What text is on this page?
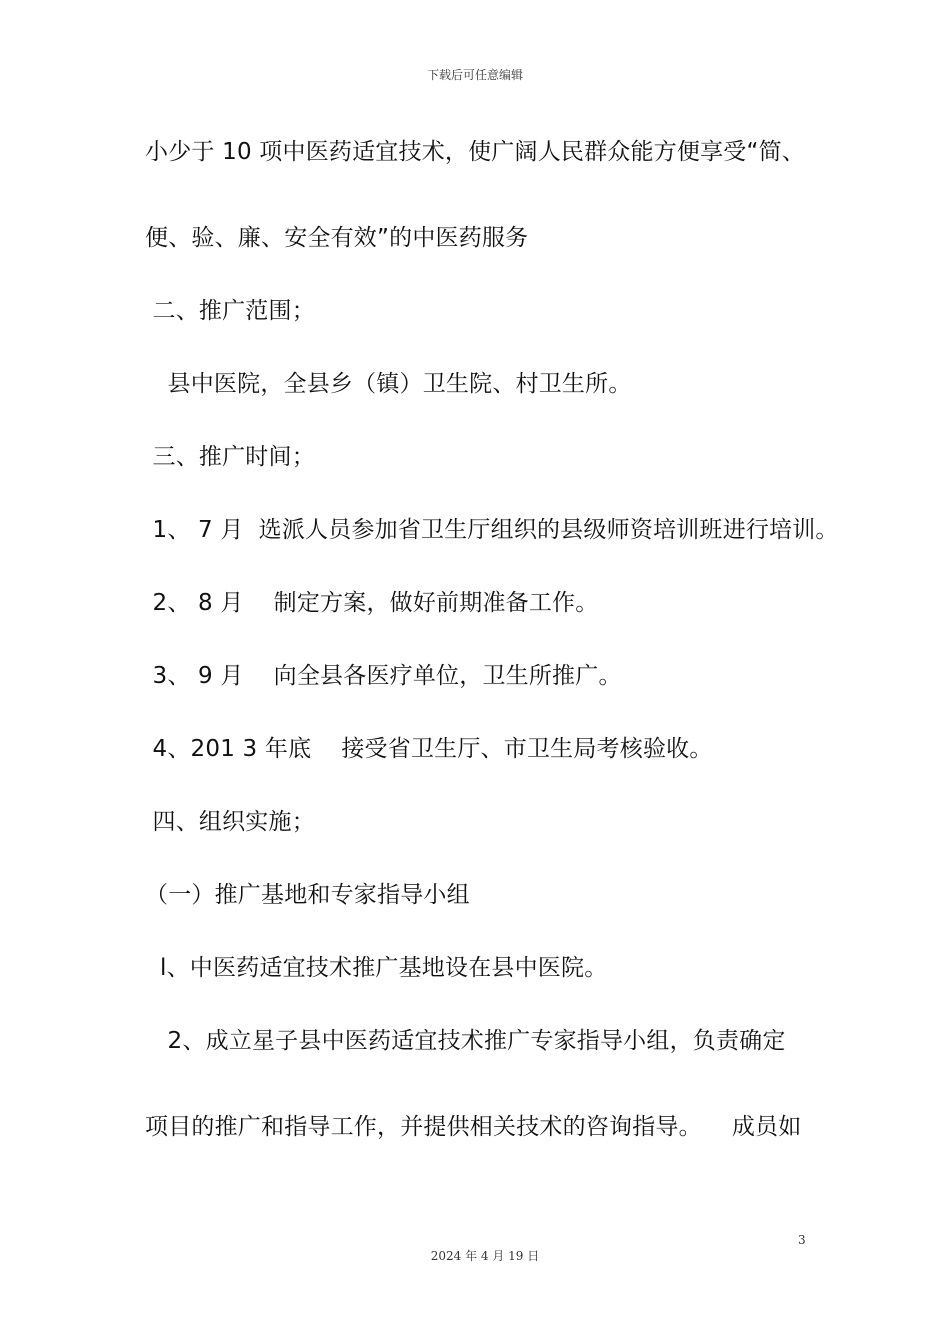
下载后可任意编辑
小少于 10 项中医药适宜技术，使广阔人民群众能方便享受“简、
便、验、廉、安全有效”的中医药服务
二、推广范围；
县中医院，全县乡（镇）卫生院、村卫生所。
三、推广时间；
1、 7 月  选派人员参加省卫生厅组织的县级师资培训班进行培训。
2、 8 月    制定方案，做好前期准备工作。
3、 9 月    向全县各医疗单位，卫生所推广。
4、201 3 年底    接受省卫生厅、市卫生局考核验收。
四、组织实施；
（一）推广基地和专家指导小组
l、中医药适宜技术推广基地设在县中医院。
2、成立星子县中医药适宜技术推广专家指导小组，负责确定
项目的推广和指导工作，并提供相关技术的咨询指导。    成员如
3
2024 年 4 月 19 日
